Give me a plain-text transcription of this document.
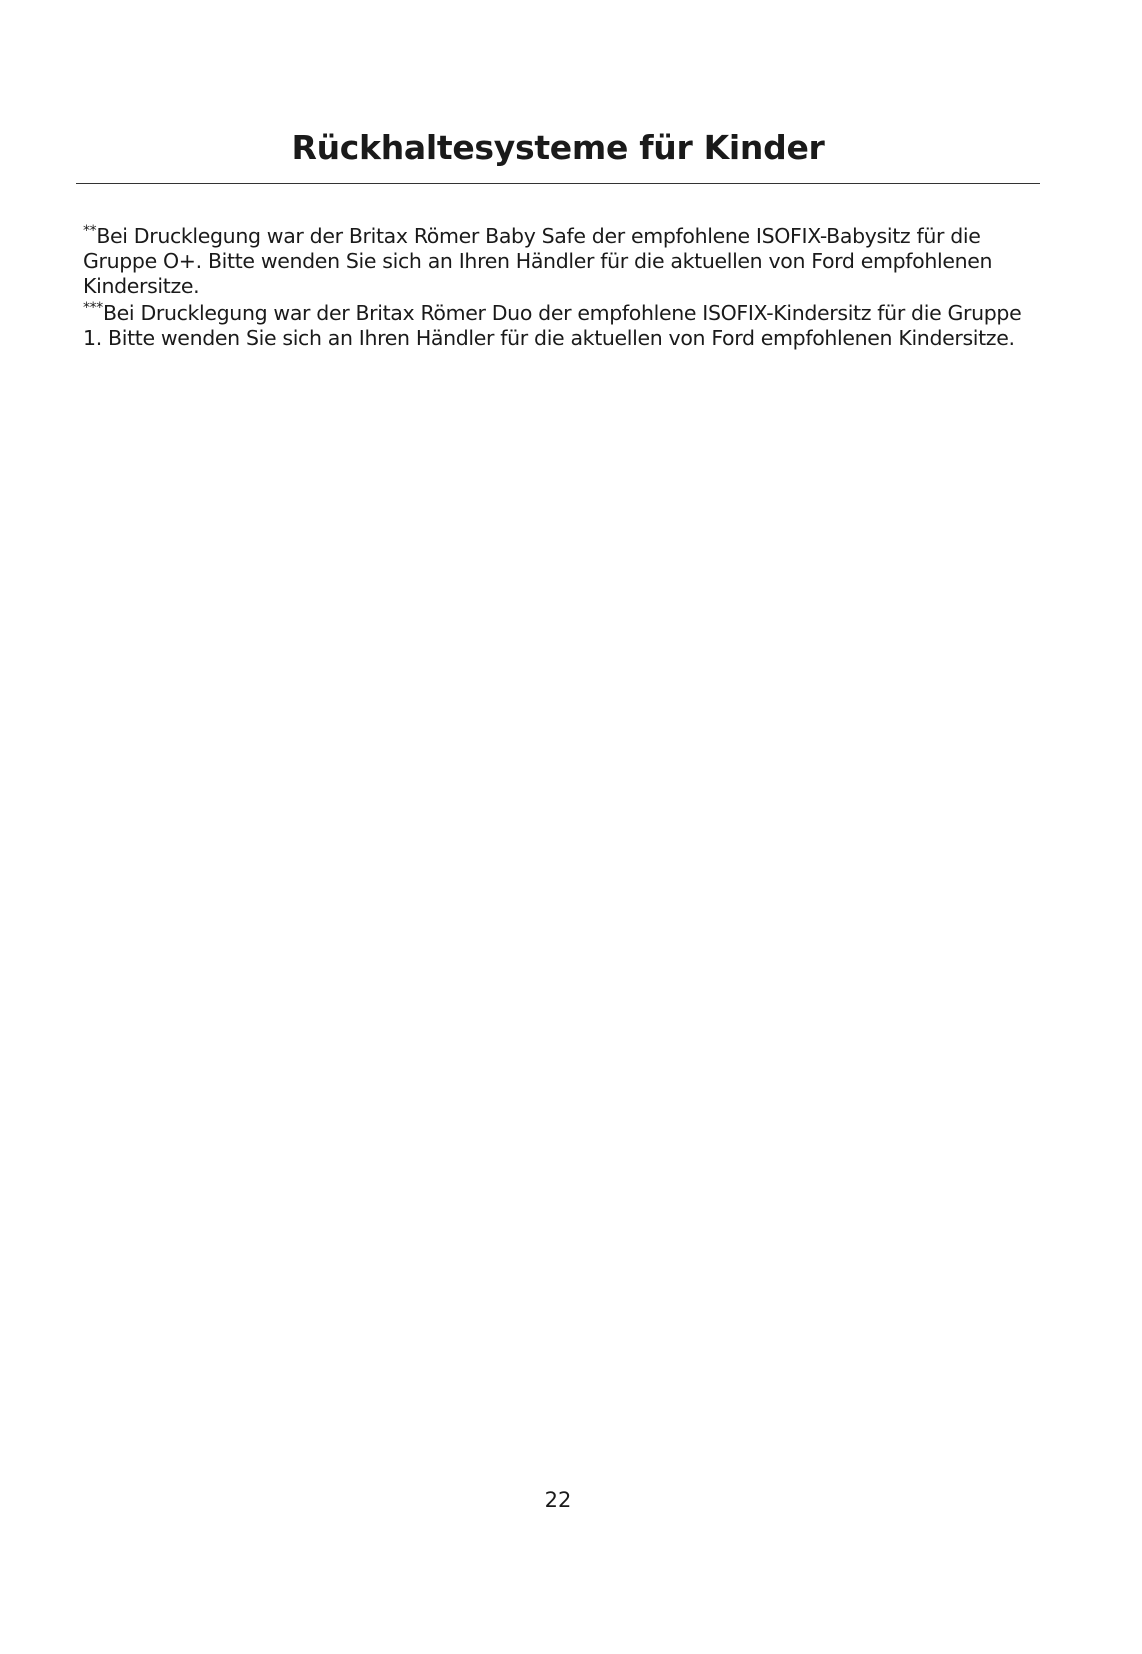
Rückhaltesysteme für Kinder

**Bei Drucklegung war der Britax Römer Baby Safe der empfohlene ISOFIX-Babysitz für die Gruppe O+. Bitte wenden Sie sich an Ihren Händler für die aktuellen von Ford empfohlenen Kindersitze.

***Bei Drucklegung war der Britax Römer Duo der empfohlene ISOFIX-Kindersitz für die Gruppe 1. Bitte wenden Sie sich an Ihren Händler für die aktuellen von Ford empfohlenen Kindersitze.

22
